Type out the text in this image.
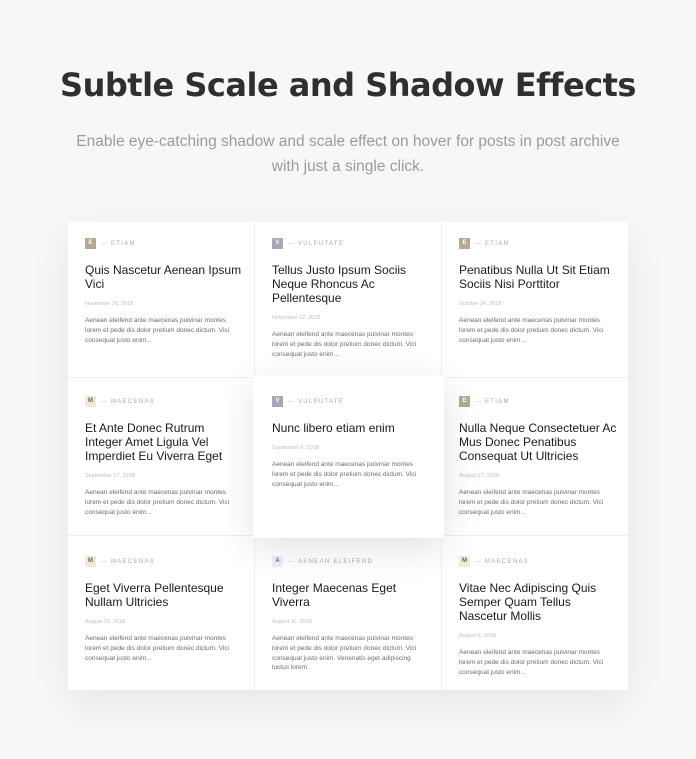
Subtle Scale and Shadow Effects

Enable eye-catching shadow and scale effect on hover for posts in post archive with just a single click.

E	— ETIAM
Quis Nascetur Aenean Ipsum Vici
November 20, 2018
Aenean eleifend ante maecenas pulvinar montes lorem et pede dis dolor pretium donec dictum. Vici consequat justo enim...
V	— VULPUTATE
Tellus Justo Ipsum Sociis Neque Rhoncus Ac Pellentesque
November 12, 2018
Aenean eleifend ante maecenas pulvinar montes lorem et pede dis dolor pretium donec dictum. Vici consequat justo enim...
E	— ETIAM
Penatibus Nulla Ut Sit Etiam Sociis Nisi Porttitor
October 24, 2018
Aenean eleifend ante maecenas pulvinar montes lorem et pede dis dolor pretium donec dictum. Vici consequat justo enim...
M	— MAECENAS
Et Ante Donec Rutrum Integer Amet Ligula Vel Imperdiet Eu Viverra Eget
September 17, 2018
Aenean eleifend ante maecenas pulvinar montes lorem et pede dis dolor pretium donec dictum. Vici consequat justo enim...
V	— VULPUTATE
Nunc libero etiam enim
September 6, 2018
Aenean eleifend ante maecenas pulvinar montes lorem et pede dis dolor pretium donec dictum. Vici consequat justo enim...
E	— ETIAM
Nulla Neque Consectetuer Ac Mus Donec Penatibus Consequat Ut Ultricies
August 27, 2018
Aenean eleifend ante maecenas pulvinar montes lorem et pede dis dolor pretium donec dictum. Vici consequat justo enim...
M	— MAECENAS
Eget Viverra Pellentesque Nullam Ultricies
August 26, 2018
Aenean eleifend ante maecenas pulvinar montes lorem et pede dis dolor pretium donec dictum. Vici consequat justo enim...
A	— AENEAN ELEIFEND
Integer Maecenas Eget Viverra
August 11, 2018
Aenean eleifend ante maecenas pulvinar montes lorem et pede dis dolor pretium donec dictum. Vici consequat justo enim. Venenatis eget adipiscing luctus lorem.
M	— MAECENAS
Vitae Nec Adipiscing Quis Semper Quam Tellus Nascetur Mollis
August 6, 2018
Aenean eleifend ante maecenas pulvinar montes lorem et pede dis dolor pretium donec dictum. Vici consequat justo enim...
